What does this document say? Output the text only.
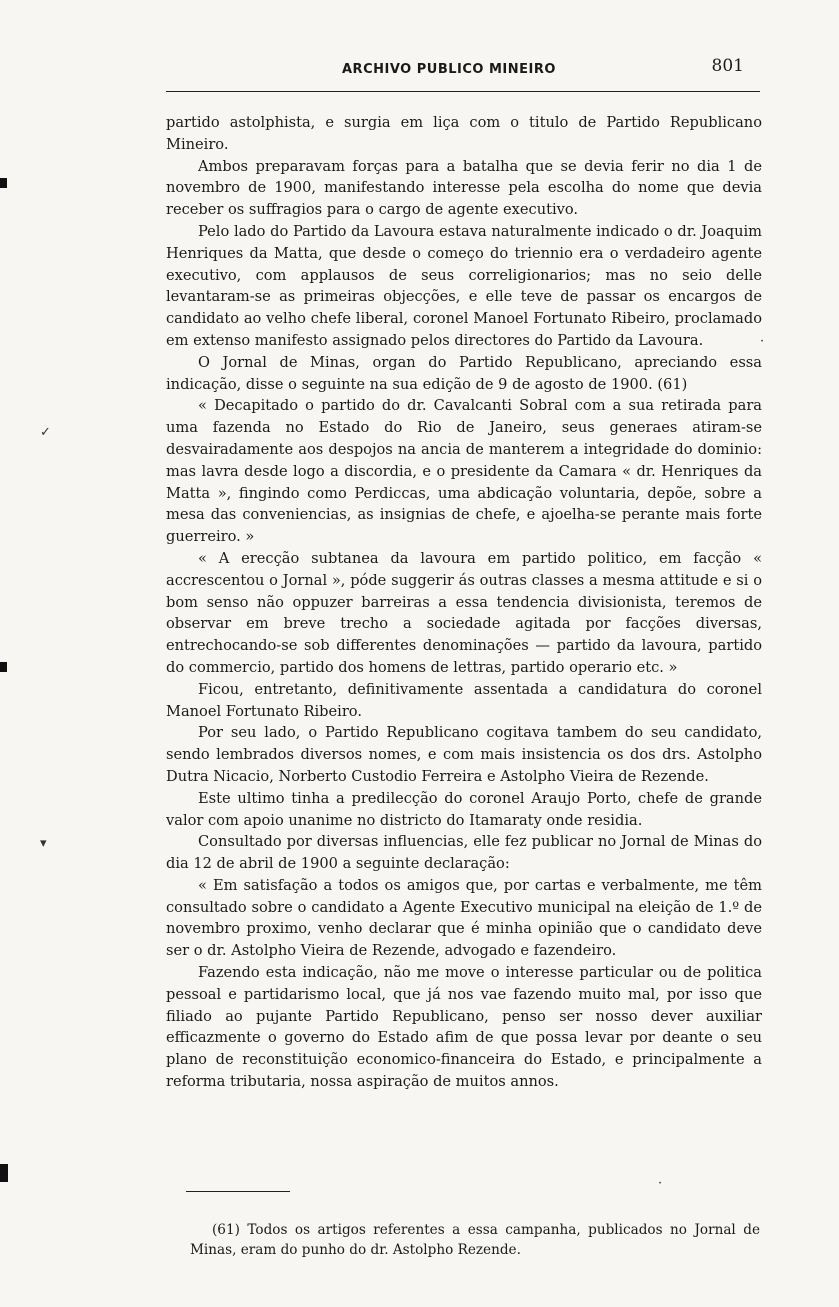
ARCHIVO PUBLICO MINEIRO	801

partido astolphista, e surgia em liça com o titulo de Partido Republicano Mineiro.

Ambos preparavam forças para a batalha que se devia ferir no dia 1 de novembro de 1900, manifestando interesse pela escolha do nome que devia receber os suffragios para o cargo de agente executivo.

Pelo lado do Partido da Lavoura estava naturalmente indicado o dr. Joaquim Henriques da Matta, que desde o começo do triennio era o verdadeiro agente executivo, com applausos de seus correligionarios; mas no seio delle levantaram-se as primeiras objecções, e elle teve de passar os encargos de candidato ao velho chefe liberal, coronel Manoel Fortunato Ribeiro, proclamado em extenso manifesto assignado pelos directores do Partido da Lavoura.

O Jornal de Minas, organ do Partido Republicano, apreciando essa indicação, disse o seguinte na sua edição de 9 de agosto de 1900. (61)

« Decapitado o partido do dr. Cavalcanti Sobral com a sua retirada para uma fazenda no Estado do Rio de Janeiro, seus generaes atiram-se desvairadamente aos despojos na ancia de manterem a integridade do dominio: mas lavra desde logo a discordia, e o presidente da Camara « dr. Henriques da Matta », fingindo como Perdiccas, uma abdicação voluntaria, depõe, sobre a mesa das conveniencias, as insignias de chefe, e ajoelha-se perante mais forte guerreiro. »

« A erecção subtanea da lavoura em partido politico, em facção « accrescentou o Jornal », póde suggerir ás outras classes a mesma attitude e si o bom senso não oppuzer barreiras a essa tendencia divisionista, teremos de observar em breve trecho a sociedade agitada por facções diversas, entrechocando-se sob differentes denominações — partido da lavoura, partido do commercio, partido dos homens de lettras, partido operario etc. »

Ficou, entretanto, definitivamente assentada a candidatura do coronel Manoel Fortunato Ribeiro.

Por seu lado, o Partido Republicano cogitava tambem do seu candidato, sendo lembrados diversos nomes, e com mais insistencia os dos drs. Astolpho Dutra Nicacio, Norberto Custodio Ferreira e Astolpho Vieira de Rezende.

Este ultimo tinha a predilecção do coronel Araujo Porto, chefe de grande valor com apoio unanime no districto do Itamaraty onde residia.

Consultado por diversas influencias, elle fez publicar no Jornal de Minas do dia 12 de abril de 1900 a seguinte declaração:

« Em satisfação a todos os amigos que, por cartas e verbalmente, me têm consultado sobre o candidato a Agente Executivo municipal na eleição de 1.º de novembro proximo, venho declarar que é minha opinião que o candidato deve ser o dr. Astolpho Vieira de Rezende, advogado e fazendeiro.

Fazendo esta indicação, não me move o interesse particular ou de politica pessoal e partidarismo local, que já nos vae fazendo muito mal, por isso que filiado ao pujante Partido Republicano, penso ser nosso dever auxiliar efficazmente o governo do Estado afim de que possa levar por deante o seu plano de reconstituição economico-financeira do Estado, e principalmente a reforma tributaria, nossa aspiração de muitos annos.

(61) Todos os artigos referentes a essa campanha, publicados no Jornal de Minas, eram do punho do dr. Astolpho Rezende.

✓
▾
·
·
